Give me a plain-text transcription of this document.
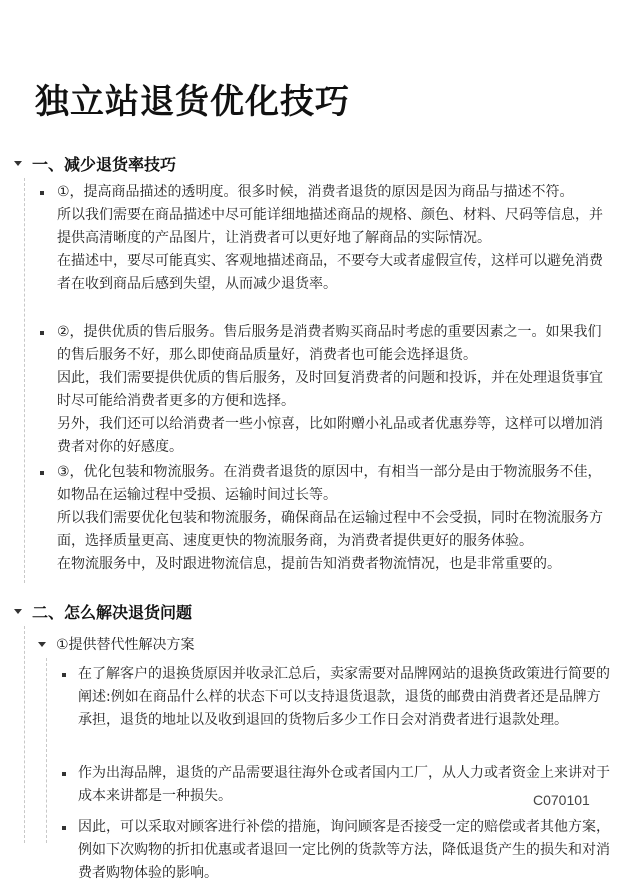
独立站退货优化技巧
一、减少退货率技巧

①，提高商品描述的透明度。很多时候，消费者退货的原因是因为商品与描述不符。

所以我们需要在商品描述中尽可能详细地描述商品的规格、颜色、材料、尺码等信息，并提供高清晰度的产品图片，让消费者可以更好地了解商品的实际情况。

在描述中，要尽可能真实、客观地描述商品，不要夸大或者虚假宣传，这样可以避免消费者在收到商品后感到失望，从而减少退货率。

②，提供优质的售后服务。售后服务是消费者购买商品时考虑的重要因素之一。如果我们的售后服务不好，那么即使商品质量好，消费者也可能会选择退货。

因此，我们需要提供优质的售后服务，及时回复消费者的问题和投诉，并在处理退货事宜时尽可能给消费者更多的方便和选择。

另外，我们还可以给消费者一些小惊喜，比如附赠小礼品或者优惠券等，这样可以增加消费者对你的好感度。

③，优化包装和物流服务。在消费者退货的原因中，有相当一部分是由于物流服务不佳，如物品在运输过程中受损、运输时间过长等。

所以我们需要优化包装和物流服务，确保商品在运输过程中不会受损，同时在物流服务方面，选择质量更高、速度更快的物流服务商，为消费者提供更好的服务体验。

在物流服务中，及时跟进物流信息，提前告知消费者物流情况，也是非常重要的。

二、怎么解决退货问题
①提供替代性解决方案

在了解客户的退换货原因并收录汇总后，卖家需要对品牌网站的退换货政策进行简要的阐述:例如在商品什么样的状态下可以支持退货退款，退货的邮费由消费者还是品牌方承担，退货的地址以及收到退回的货物后多少工作日会对消费者进行退款处理。

作为出海品牌，退货的产品需要退往海外仓或者国内工厂，从人力或者资金上来讲对于成本来讲都是一种损失。

因此，可以采取对顾客进行补偿的措施，询问顾客是否接受一定的赔偿或者其他方案，例如下次购物的折扣优惠或者退回一定比例的货款等方法，降低退货产生的损失和对消费者购物体验的影响。

C070101
